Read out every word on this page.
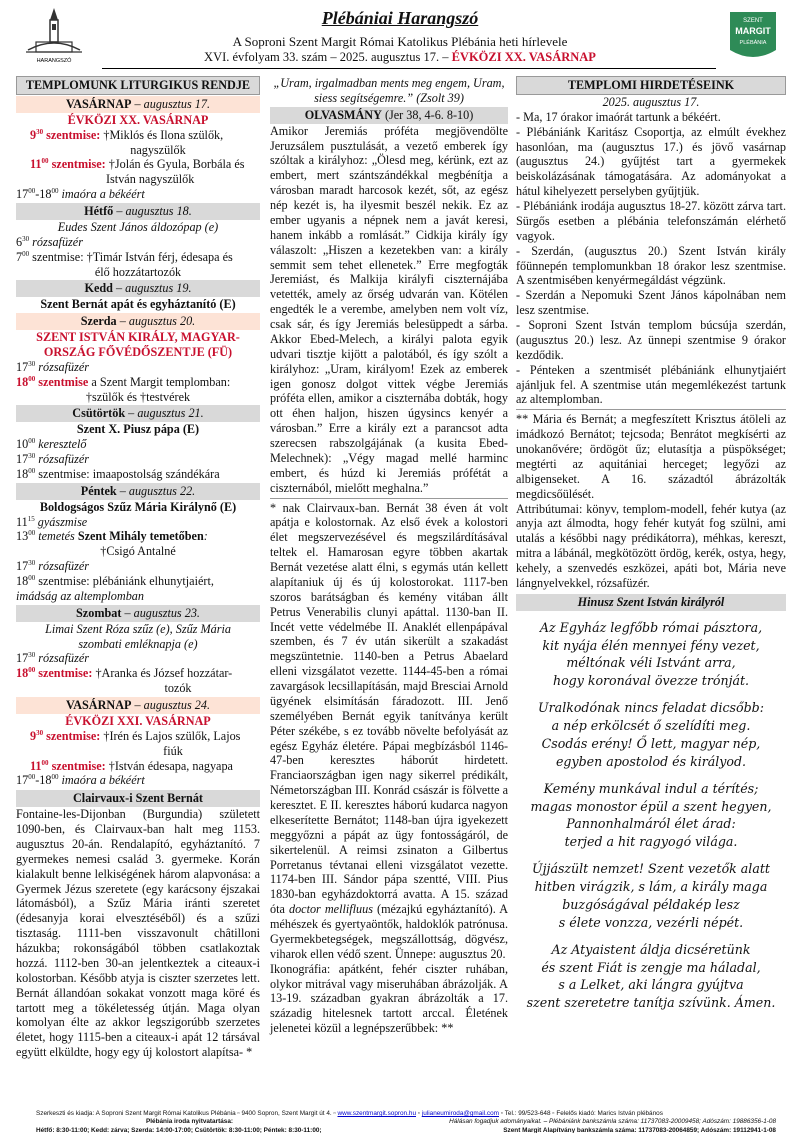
HARANGSZÓ
Plébániai Harangszó
A Soproni Szent Margit Római Katolikus Plébánia heti hírlevele
XVI. évfolyam 33. szám – 2025. augusztus 17. – ÉVKÖZI XX. VASÁRNAP
SZENT
MARGIT
PLÉBÁNIA
TEMPLOMUNK LITURGIKUS RENDJE
VASÁRNAP – augusztus 17.
ÉVKÖZI XX. VASÁRNAP
$9^{30}$ szentmise: †Miklós és Ilona szülők,
nagyszülők
$11^{00}$ szentmise: †Jolán és Gyula, Borbála és
István nagyszülők
$17^{00}-18^{00}$ imaóra a békéért
Hétfő – augusztus 18.
Eudes Szent János áldozópap (e)
$6^{30}$ rózsafüzér
$7^{00}$ szentmise: †Timár István férj, édesapa és
élő hozzátartozók
Kedd – augusztus 19.
Szent Bernát apát és egyháztanító (E)
Szerda – augusztus 20.
SZENT ISTVÁN KIRÁLY, MAGYAR-
ORSZÁG FŐVÉDŐSZENTJE (FÜ)
$17^{30}$ rózsafüzér
$18^{00}$ szentmise a Szent Margit templomban:
†szülők és †testvérek
Csütörtök – augusztus 21.
Szent X. Piusz pápa (E)
$10^{00}$ keresztelő
$17^{30}$ rózsafüzér
$18^{00}$ szentmise: imaapostolság szándékára
Péntek – augusztus 22.
Boldogságos Szűz Mária Királynő (E)
$11^{15}$ gyászmise
$13^{00}$ temetés Szent Mihály temetőben:
†Csigó Antalné
$17^{30}$ rózsafüzér
$18^{00}$ szentmise: plébániánk elhunytjaiért,
imádság az altemplomban
Szombat – augusztus 23.
Limai Szent Róza szűz (e), Szűz Mária
szombati emléknapja (e)
$17^{30}$ rózsafüzér
$18^{00}$ szentmise: †Aranka és József hozzátar-
tozók
VASÁRNAP – augusztus 24.
ÉVKÖZI XXI. VASÁRNAP
$9^{30}$ szentmise: †Irén és Lajos szülők, Lajos
fiúk
$11^{00}$ szentmise: †István édesapa, nagyapa
$17^{00}-18^{00}$ imaóra a békéért
Clairvaux-i Szent Bernát
Fontaine-les-Dijonban (Burgundia) született 1090-ben, és Clairvaux-ban halt meg 1153. augusztus 20-án. Rendalapító, egyháztanító. 7 gyermekes nemesi család 3. gyermeke. Korán kialakult benne lelkiségének három alapvonása: a Gyermek Jézus szeretete (egy karácsony éjszakai látomásból), a Szűz Mária iránti szeretet (édesanyja korai elvesztéséből) és a szűzi tisztaság. 1111-ben visszavonult châtilloni házukba; rokonságából többen csatlakoztak hozzá. 1112-ben 30-an jelentkeztek a citeaux-i kolostorban. Később atyja is ciszter szerzetes lett. Bernát állandóan sokakat vonzott maga köré és tartott meg a tökéletesség útján. Maga olyan komolyan élte az akkor legszigorúbb szerzetes életet, hogy 1115-ben a citeaux-i apát 12 társával együtt elküldte, hogy egy új kolostort alapítsa- *
„Uram, irgalmadban ments meg engem, Uram,
siess segítségemre.” (Zsolt 39)
OLVASMÁNY (Jer 38, 4-6. 8-10)
Amikor Jeremiás próféta megjövendölte Jeruzsálem pusztulását, a vezető emberek így szóltak a királyhoz: „Ölesd meg, kérünk, ezt az embert, mert szántszándékkal megbénítja a városban maradt harcosok kezét, sőt, az egész nép kezét is, ha ilyesmit beszél nekik. Ez az ember ugyanis a népnek nem a javát keresi, hanem inkább a romlását.” Cidkija király így válaszolt: „Hiszen a kezetekben van: a király semmit sem tehet ellenetek.” Erre megfogták Jeremiást, és Malkija királyfi ciszternájába vetették, amely az őrség udvarán van. Kötélen engedték le a verembe, amelyben nem volt víz, csak sár, és így Jeremiás belesüppedt a sárba. Akkor Ebed-Melech, a királyi palota egyik udvari tisztje kijött a palotából, és így szólt a királyhoz: „Uram, királyom! Ezek az emberek igen gonosz dolgot vittek végbe Jeremiás próféta ellen, amikor a ciszternába dobták, hogy ott éhen haljon, hiszen úgysincs kenyér a városban.” Erre a király ezt a parancsot adta szerecsen rabszolgájának (a kusita Ebed-Melechnek): „Végy magad mellé harminc embert, és húzd ki Jeremiás prófétát a ciszternából, mielőtt meghalna.”
* nak Clairvaux-ban. Bernát 38 éven át volt apátja e kolostornak. Az első évek a kolostori élet megszervezésével és megszilárdításával teltek el. Hamarosan egyre többen akartak Bernát vezetése alatt élni, s egymás után kellett alapítaniuk új és új kolostorokat. 1117-ben szoros barátságban és kemény vitában állt Petrus Venerabilis clunyi apáttal. 1130-ban II. Incét vette védelmébe II. Anaklét ellenpápával szemben, és 7 év után sikerült a szakadást megszüntetnie. 1140-ben a Petrus Abaelard elleni vizsgálatot vezette. 1144-45-ben a római zavargások lecsillapításán, majd Bresciai Arnold ügyének elsimításán fáradozott. III. Jenő személyében Bernát egyik tanítványa került Péter székébe, s ez tovább növelte befolyását az egész Egyház életére. Pápai megbízásból 1146-47-ben keresztes háborút hirdetett. Franciaországban igen nagy sikerrel prédikált, Németországban III. Konrád császár is fölvette a keresztet. E II. keresztes háború kudarca nagyon elkeserítette Bernátot; 1148-ban újra igyekezett meggyőzni a pápát az ügy fontosságáról, de sikertelenül. A reimsi zsinaton a Gilbertus Porretanus tévtanai elleni vizsgálatot vezette. 1174-ben III. Sándor pápa szentté, VIII. Pius 1830-ban egyházdoktorrá avatta. A 15. század óta doctor mellifluus (mézajkú egyháztanító). A méhészek és gyertyaöntők, haldoklók patrónusa. Gyermekbetegségek, megszállottság, dögvész, viharok ellen védő szent. Ünnepe: augusztus 20.
Ikonográfia: apátként, fehér ciszter ruhában, olykor mitrával vagy miseruhában ábrázolják. A 13-19. században gyakran ábrázolták a 17. századig hitelesnek tartott arccal. Életének jelenetei közül a legnépszerűbbek: **
TEMPLOMI HIRDETÉSEINK
2025. augusztus 17.
- Ma, 17 órakor imaórát tartunk a békéért.
- Plébániánk Karitász Csoportja, az elmúlt évekhez hasonlóan, ma (augusztus 17.) és jövő vasárnap (augusztus 24.) gyűjtést tart a gyermekek beiskolázásának támogatására. Az adományokat a hátul kihelyezett perselyben gyűjtjük.
- Plébániánk irodája augusztus 18-27. között zárva tart. Sürgős esetben a plébánia telefonszámán elérhető vagyok.
- Szerdán, (augusztus 20.) Szent István király főünnepén templomunkban 18 órakor lesz szentmise. A szentmisében kenyérmegáldást végzünk.
- Szerdán a Nepomuki Szent János kápolnában nem lesz szentmise.
- Soproni Szent István templom búcsúja szerdán, (augusztus 20.) lesz. Az ünnepi szentmise 9 órakor kezdődik.
- Pénteken a szentmisét plébániánk elhunytjaiért ajánljuk fel. A szentmise után megemlékezést tartunk az altemplomban.
** Mária és Bernát; a megfeszített Krisztus átöleli az imádkozó Bernátot; tejcsoda; Benrátot megkísérti az unokanővére; ördögöt űz; elutasítja a püspökséget; megtérti az aquitániai herceget; legyőzi az albigenseket. A 16. századtól ábrázolták megdicsőülését.
Attribútumai: könyv, templom-modell, fehér kutya (az anyja azt álmodta, hogy fehér kutyát fog szülni, ami utalás a későbbi nagy prédikátorra), méhkas, kereszt, mitra a lábánál, megkötözött ördög, kerék, ostya, hegy, kehely, a szenvedés eszközei, apáti bot, Mária neve lángnyelvekkel, rózsafüzér.
Hinusz Szent István királyról
Az Egyház legfőbb római pásztora,
kit nyája élén mennyei fény vezet,
méltónak véli Istvánt arra,
hogy koronával övezze trónját.
Uralkodónak nincs feladat dicsőbb:
a nép erkölcsét ő szelídíti meg.
Csodás erény! Ő lett, magyar nép,
egyben apostolod és királyod.
Kemény munkával indul a térítés;
magas monostor épül a szent hegyen,
Pannonhalmáról élet árad:
terjed a hit ragyogó világa.
Újjászült nemzet! Szent vezetők alatt
hitben virágzik, s lám, a király maga
buzgóságával példakép lesz
s élete vonzza, vezérli népét.
Az Atyaistent áldja dicséretünk
és szent Fiát is zengje ma háladal,
s a Lelket, aki lángra gyújtva
szent szeretetre tanítja szívünk. Ámen.
Szerkeszti és kiadja: A Soproni Szent Margit Római Katolikus Plébánia ▫ 9400 Sopron, Szent Margit út 4. ▫ www.szentmargit.sopron.hu ▫ julianeumiroda@gmail.com ▫ Tel.: 99/523-648 ▫ Felelős kiadó: Marics István plébános
Plébánia iroda nyitvatartása:	Hálásan fogadjuk adományaikat. – Plébániánk bankszámla száma: 11737083-20009458; Adószám: 19886356-1-08
Hétfő: 8:30-11:00; Kedd: zárva; Szerda: 14:00-17:00; Csütörtök: 8:30-11:00; Péntek: 8:30-11:00;	Szent Margit Alapítvány bankszámla száma: 11737083-20064859; Adószám: 19112941-1-08
